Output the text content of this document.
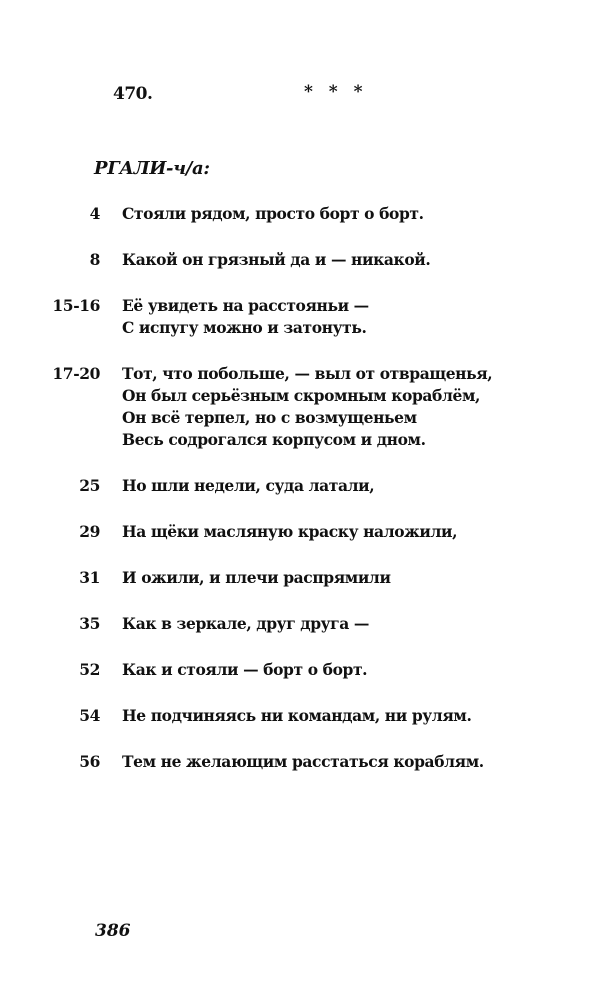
470.	* * *
РГАЛИ-ч/а:
4	Стояли рядом, просто борт о борт.
8	Какой он грязный да и — никакой.
15-16	Её увидеть на расстояньи —
С испугу можно и затонуть.
17-20	Тот, что побольше, — выл от отвращенья,
Он был серьёзным скромным кораблём,
Он всё терпел, но с возмущеньем
Весь содрогался корпусом и дном.
25	Но шли недели, суда латали,
29	На щёки масляную краску наложили,
31	И ожили, и плечи распрямили
35	Как в зеркале, друг друга —
52	Как и стояли — борт о борт.
54	Не подчиняясь ни командам, ни рулям.
56	Тем не желающим расстаться кораблям.
386
